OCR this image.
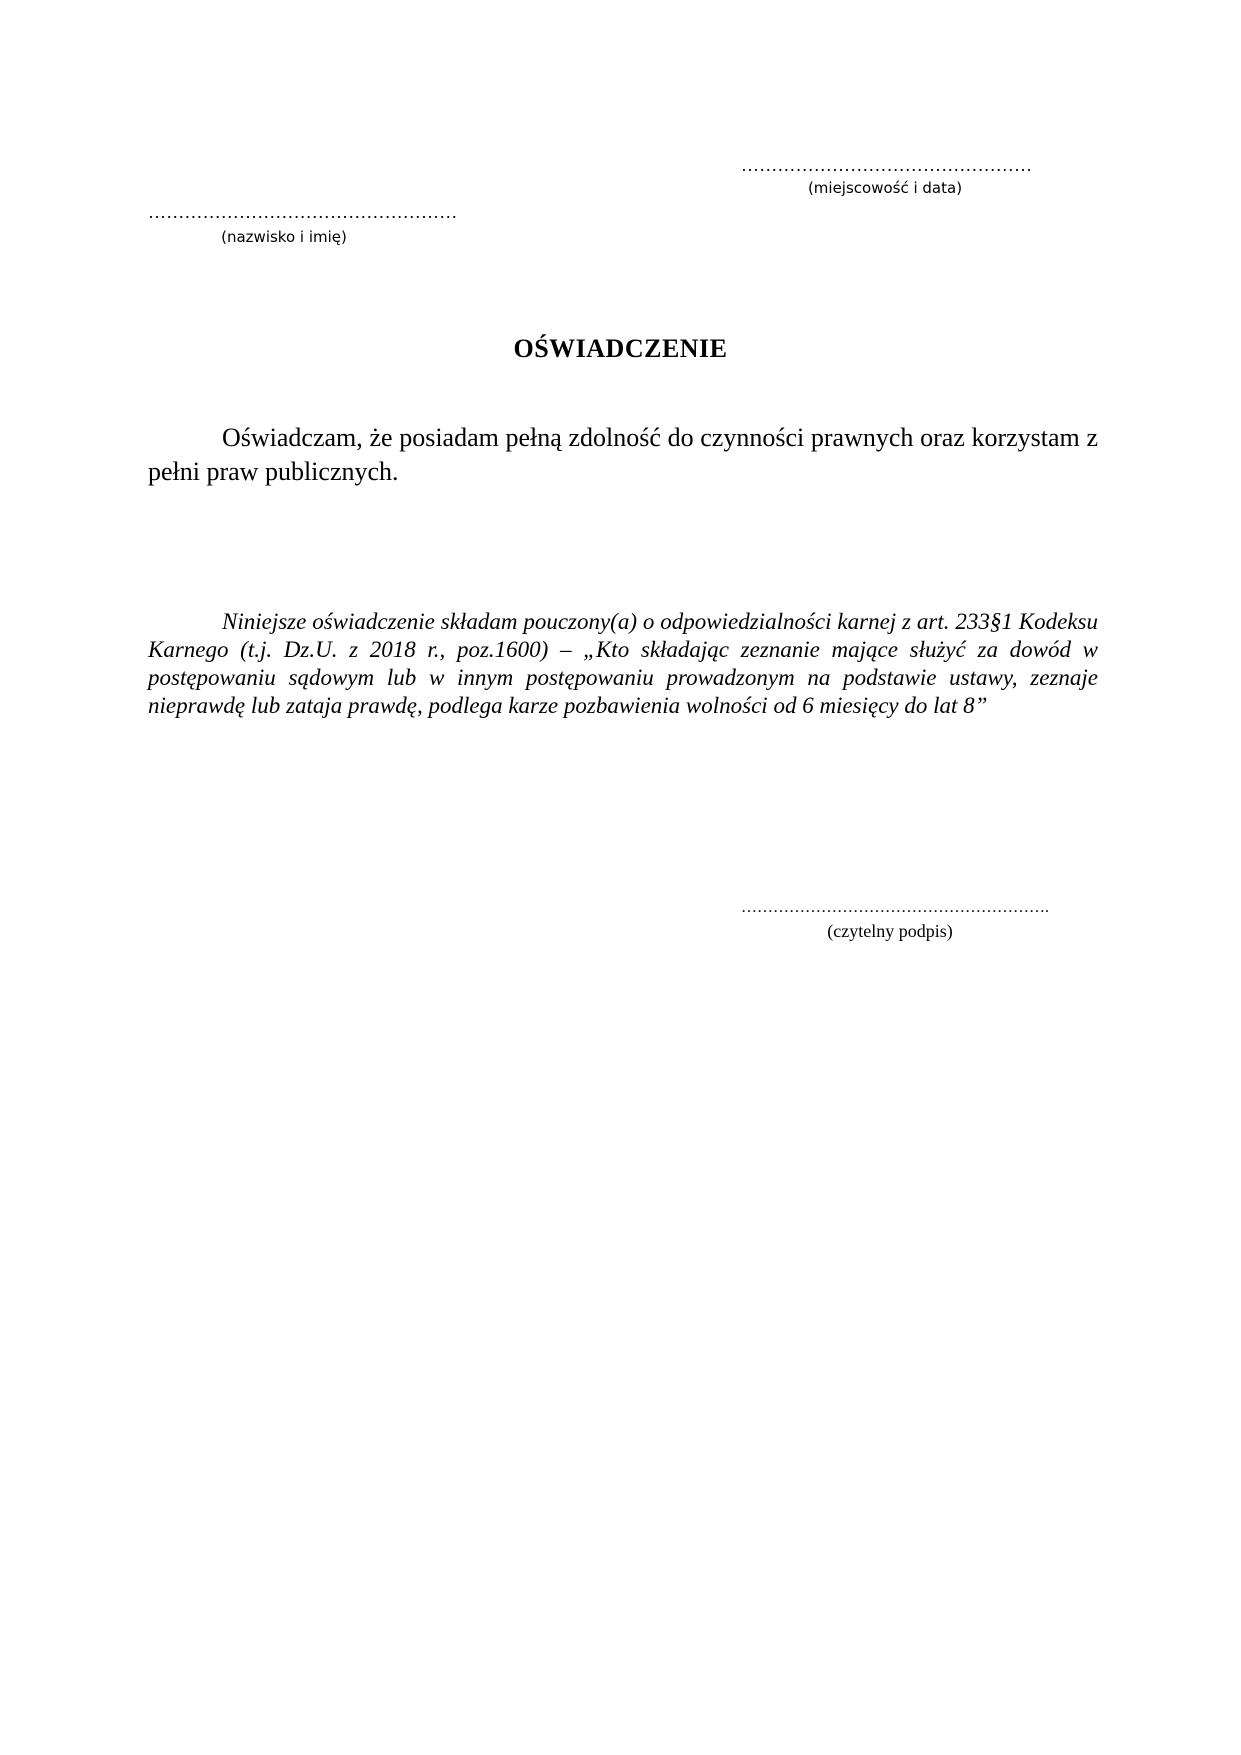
…………………………………………
(miejscowość i data)
……………………………………………
(nazwisko i imię)
OŚWIADCZENIE

Oświadczam, że posiadam pełną zdolność do czynności prawnych oraz korzystam z pełni praw publicznych.

Niniejsze oświadczenie składam pouczony(a) o odpowiedzialności karnej z art. 233§1 Kodeksu Karnego (t.j. Dz.U. z 2018 r., poz.1600) – „Kto składając zeznanie mające służyć za dowód w postępowaniu sądowym lub w innym postępowaniu prowadzonym na podstawie ustawy, zeznaje nieprawdę lub zataja prawdę, podlega karze pozbawienia wolności od 6 miesięcy do lat 8”

………………………………………………….
(czytelny podpis)
